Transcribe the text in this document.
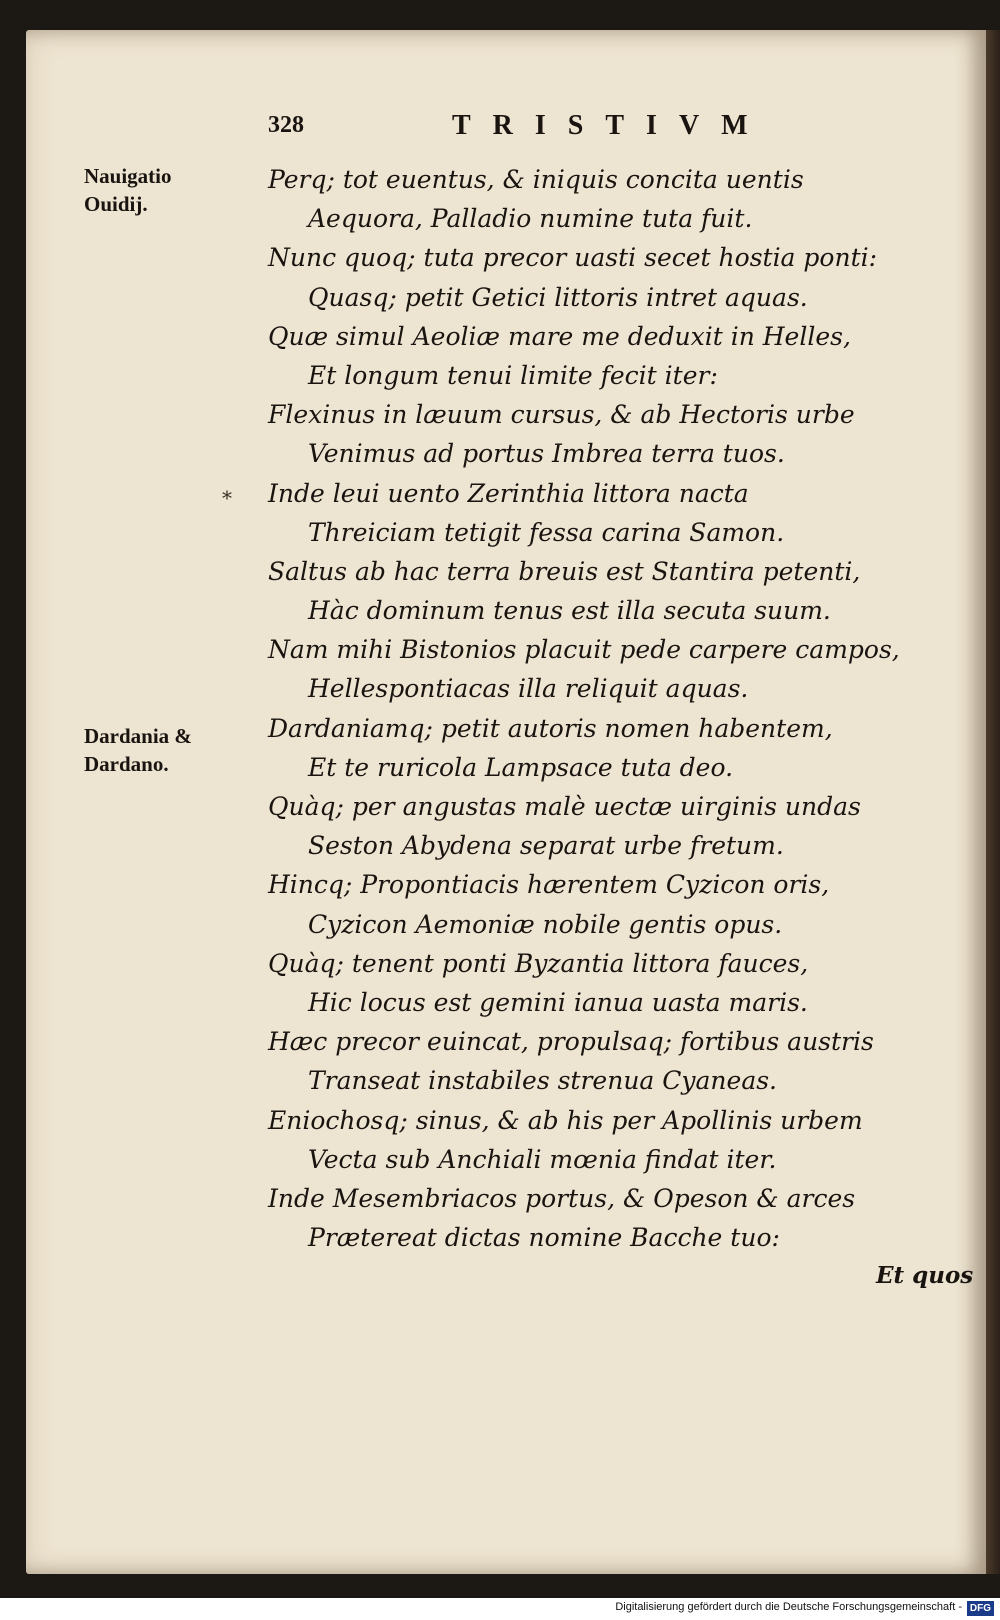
328	TRISTIVM
Nauigatio
Ouidij.
Dardania &
Dardano.
*
Perq; tot euentus, & iniquis concita uentis
Aequora, Palladio numine tuta fuit.
Nunc quoq; tuta precor uasti secet hostia ponti:
Quasq; petit Getici littoris intret aquas.
Quæ simul Aeoliæ mare me deduxit in Helles,
Et longum tenui limite fecit iter:
Flexinus in læuum cursus, & ab Hectoris urbe
Venimus ad portus Imbrea terra tuos.
Inde leui uento Zerinthia littora nacta
Threiciam tetigit fessa carina Samon.
Saltus ab hac terra breuis est Stantira petenti,
Hàc dominum tenus est illa secuta suum.
Nam mihi Bistonios placuit pede carpere campos,
Hellespontiacas illa reliquit aquas.
Dardaniamq; petit autoris nomen habentem,
Et te ruricola Lampsace tuta deo.
Quàq; per angustas malè uectæ uirginis undas
Seston Abydena separat urbe fretum.
Hincq; Propontiacis hærentem Cyzicon oris,
Cyzicon Aemoniæ nobile gentis opus.
Quàq; tenent ponti Byzantia littora fauces,
Hic locus est gemini ianua uasta maris.
Hæc precor euincat, propulsaq; fortibus austris
Transeat instabiles strenua Cyaneas.
Eniochosq; sinus, & ab his per Apollinis urbem
Vecta sub Anchiali mœnia findat iter.
Inde Mesembriacos portus, & Opeson & arces
Prætereat dictas nomine Bacche tuo:
Et quos
Digitalisierung gefördert durch die Deutsche Forschungsgemeinschaft - DFG
